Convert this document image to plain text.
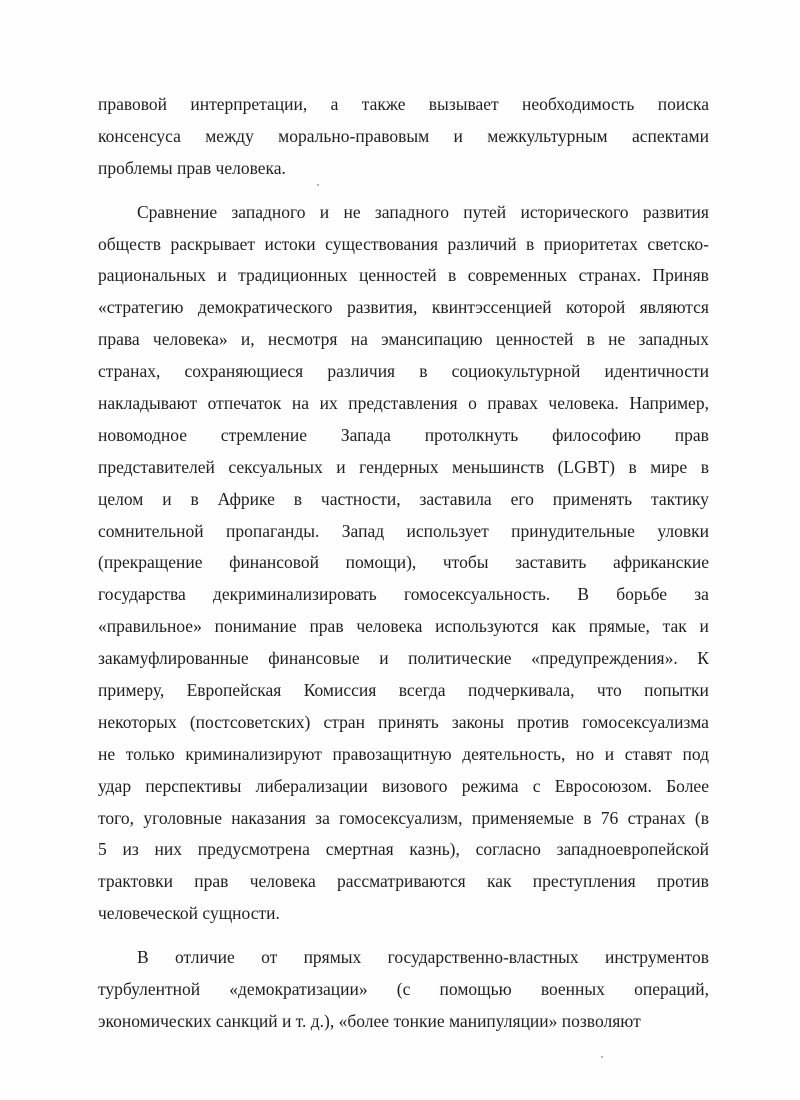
правовой интерпретации, а также вызывает необходимость поиска
консенсуса между морально-правовым и межкультурным аспектами
проблемы прав человека.
Сравнение западного и не западного путей исторического развития
обществ раскрывает истоки существования различий в приоритетах светско-
рациональных и традиционных ценностей в современных странах. Приняв
«стратегию демократического развития, квинтэссенцией которой являются
права человека» и, несмотря на эмансипацию ценностей в не западных
странах, сохраняющиеся различия в социокультурной идентичности
накладывают отпечаток на их представления о правах человека. Например,
новомодное стремление Запада протолкнуть философию прав
представителей сексуальных и гендерных меньшинств (LGBT) в мире в
целом и в Африке в частности, заставила его применять тактику
сомнительной пропаганды. Запад использует принудительные уловки
(прекращение финансовой помощи), чтобы заставить африканские
государства декриминализировать гомосексуальность. В борьбе за
«правильное» понимание прав человека используются как прямые, так и
закамуфлированные финансовые и политические «предупреждения». К
примеру, Европейская Комиссия всегда подчеркивала, что попытки
некоторых (постсоветских) стран принять законы против гомосексуализма
не только криминализируют правозащитную деятельность, но и ставят под
удар перспективы либерализации визового режима с Евросоюзом. Более
того, уголовные наказания за гомосексуализм, применяемые в 76 странах (в
5 из них предусмотрена смертная казнь), согласно западноевропейской
трактовки прав человека рассматриваются как преступления против
человеческой сущности.
В отличие от прямых государственно-властных инструментов
турбулентной «демократизации» (с помощью военных операций,
экономических санкций и т. д.), «более тонкие манипуляции» позволяют
